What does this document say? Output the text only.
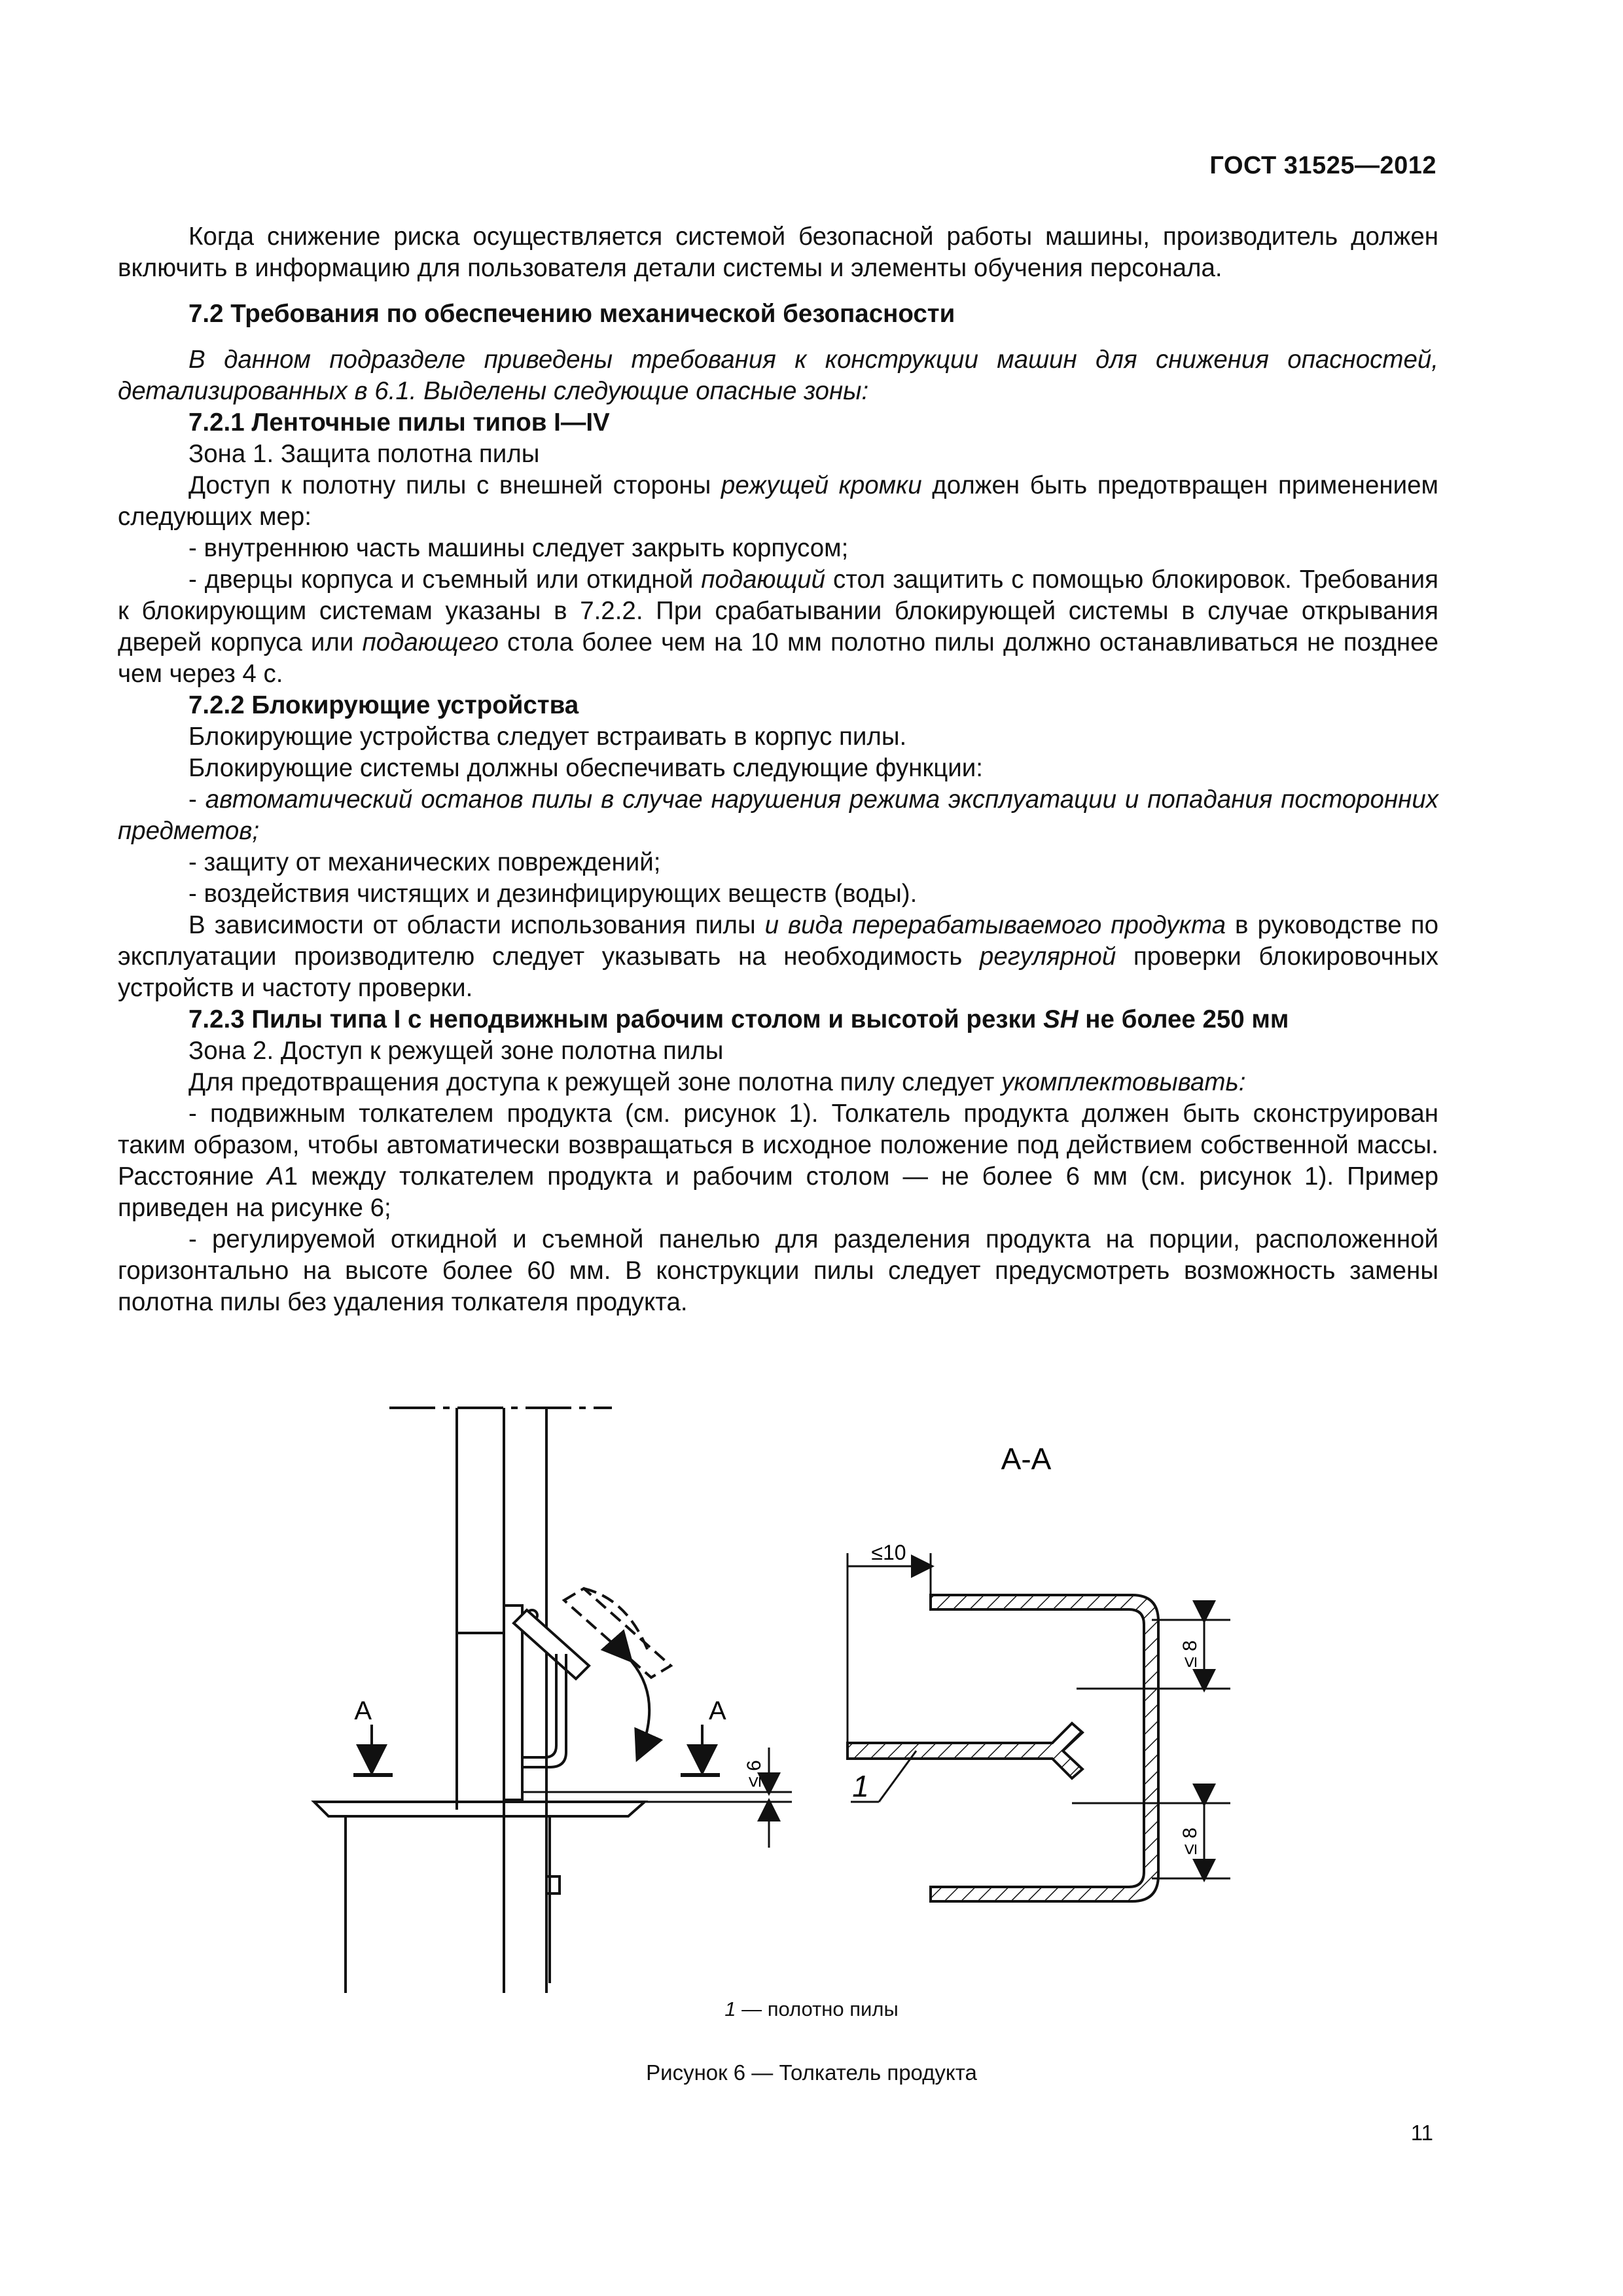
ГОСТ 31525—2012

Когда снижение риска осуществляется системой безопасной работы машины, производитель должен включить в информацию для пользователя детали системы и элементы обучения персонала.

7.2 Требования по обеспечению механической безопасности

В данном подразделе приведены требования к конструкции машин для снижения опасностей, детализированных в 6.1. Выделены следующие опасные зоны:

7.2.1 Ленточные пилы типов I—IV

Зона 1. Защита полотна пилы

Доступ к полотну пилы с внешней стороны режущей кромки должен быть предотвращен применением следующих мер:

- внутреннюю часть машины следует закрыть корпусом;

- дверцы корпуса и съемный или откидной подающий стол защитить с помощью блокировок. Требования к блокирующим системам указаны в 7.2.2. При срабатывании блокирующей системы в случае открывания дверей корпуса или подающего стола более чем на 10 мм полотно пилы должно останавливаться не позднее чем через 4 с.

7.2.2 Блокирующие устройства

Блокирующие устройства следует встраивать в корпус пилы.

Блокирующие системы должны обеспечивать следующие функции:

- автоматический останов пилы в случае нарушения режима эксплуатации и попадания посторонних предметов;

- защиту от механических повреждений;

- воздействия чистящих и дезинфицирующих веществ (воды).

В зависимости от области использования пилы и вида перерабатываемого продукта в руководстве по эксплуатации производителю следует указывать на необходимость регулярной проверки блокировочных устройств и частоту проверки.

7.2.3 Пилы типа I с неподвижным рабочим столом и высотой резки SH не более 250 мм

Зона 2. Доступ к режущей зоне полотна пилы

Для предотвращения доступа к режущей зоне полотна пилу следует укомплектовывать:

- подвижным толкателем продукта (см. рисунок 1). Толкатель продукта должен быть сконструирован таким образом, чтобы автоматически возвращаться в исходное положение под действием собственной массы. Расстояние А1 между толкателем продукта и рабочим столом — не более 6 мм (см. рисунок 1). Пример приведен на рисунке 6;

- регулируемой откидной и съемной панелью для разделения продукта на порции, расположенной горизонтально на высоте более 60 мм. В конструкции пилы следует предусмотреть возможность замены полотна пилы без удаления толкателя продукта.

А	А
≤ 6
А-А
≤10
≤ 8
≤ 8
1
1 — полотно пилы
Рисунок 6 — Толкатель продукта
11
